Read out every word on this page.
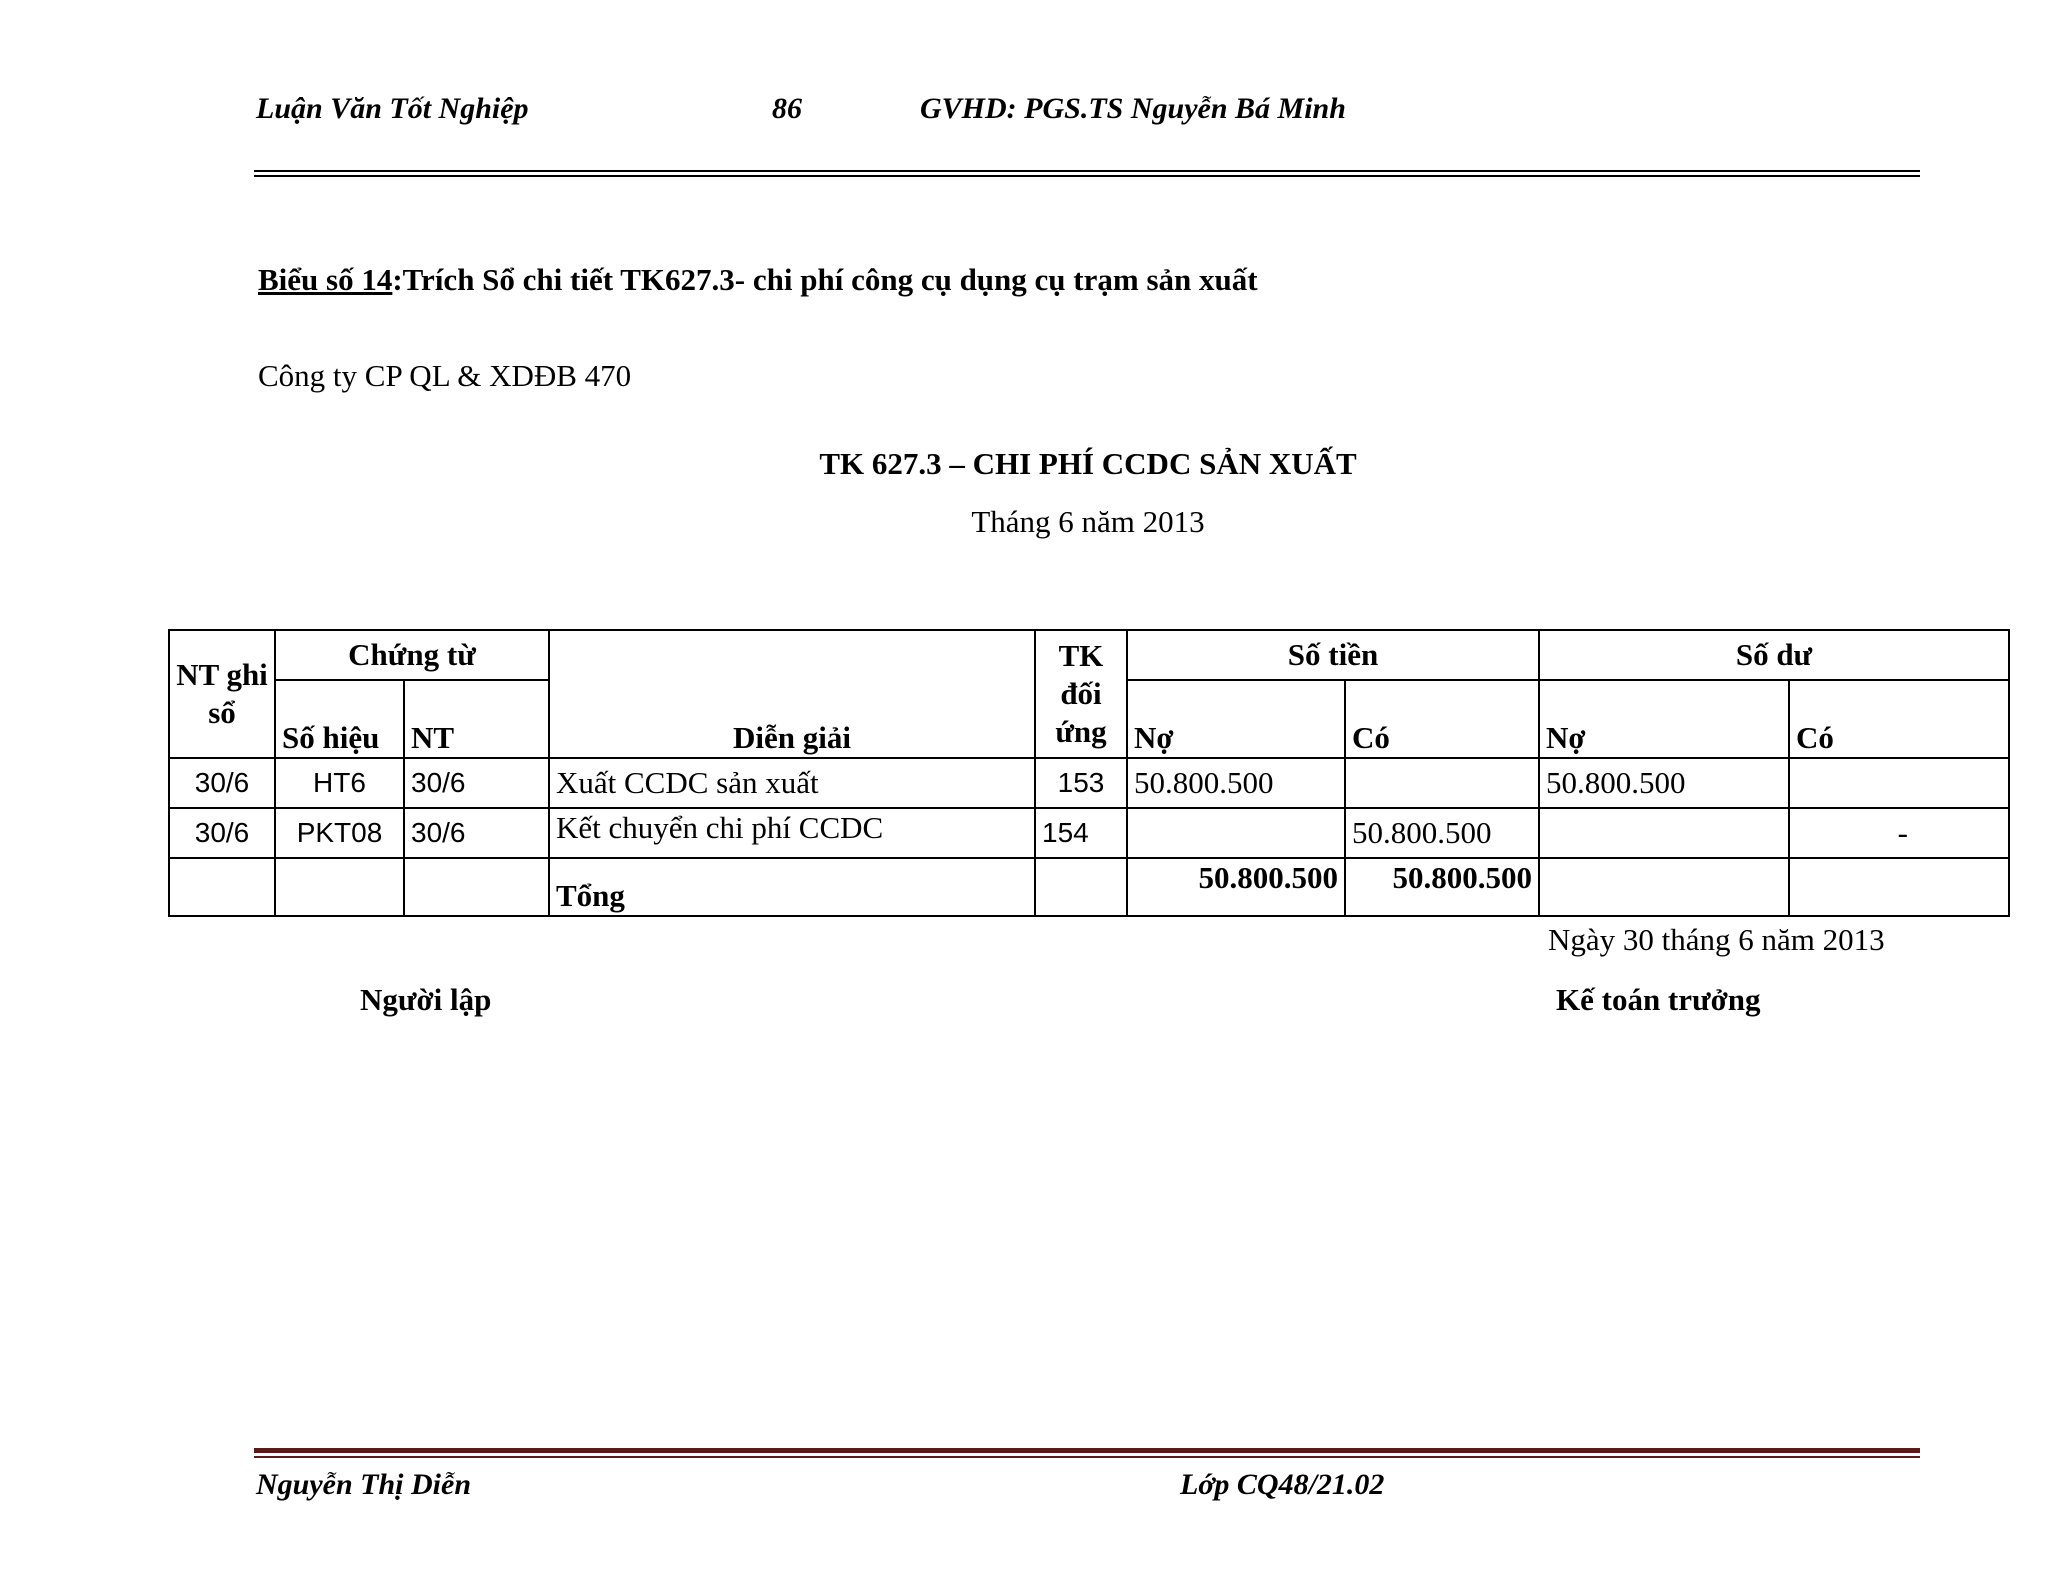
Luận Văn Tốt Nghiệp	86	GVHD: PGS.TS Nguyễn Bá Minh
Biểu số 14:Trích Sổ chi tiết TK627.3- chi phí công cụ dụng cụ trạm sản xuất
Công ty CP QL & XDĐB 470
TK 627.3 – CHI PHÍ CCDC SẢN XUẤT
Tháng 6 năm 2013
NT ghi sổ	Chứng từ		Diễn giải	TK đối ứng	Số tiền		Số dư	
	Số hiệu	NT			Nợ	Có	Nợ	Có
30/6	HT6	30/6	Xuất CCDC sản xuất	153	50.800.500		50.800.500	
30/6	PKT08	30/6	Kết chuyển chi phí CCDC	154		50.800.500		-
			Tổng		50.800.500	50.800.500		
Ngày 30 tháng 6 năm 2013
Người lập	Kế toán trưởng
Nguyễn Thị Diễn	Lớp CQ48/21.02
